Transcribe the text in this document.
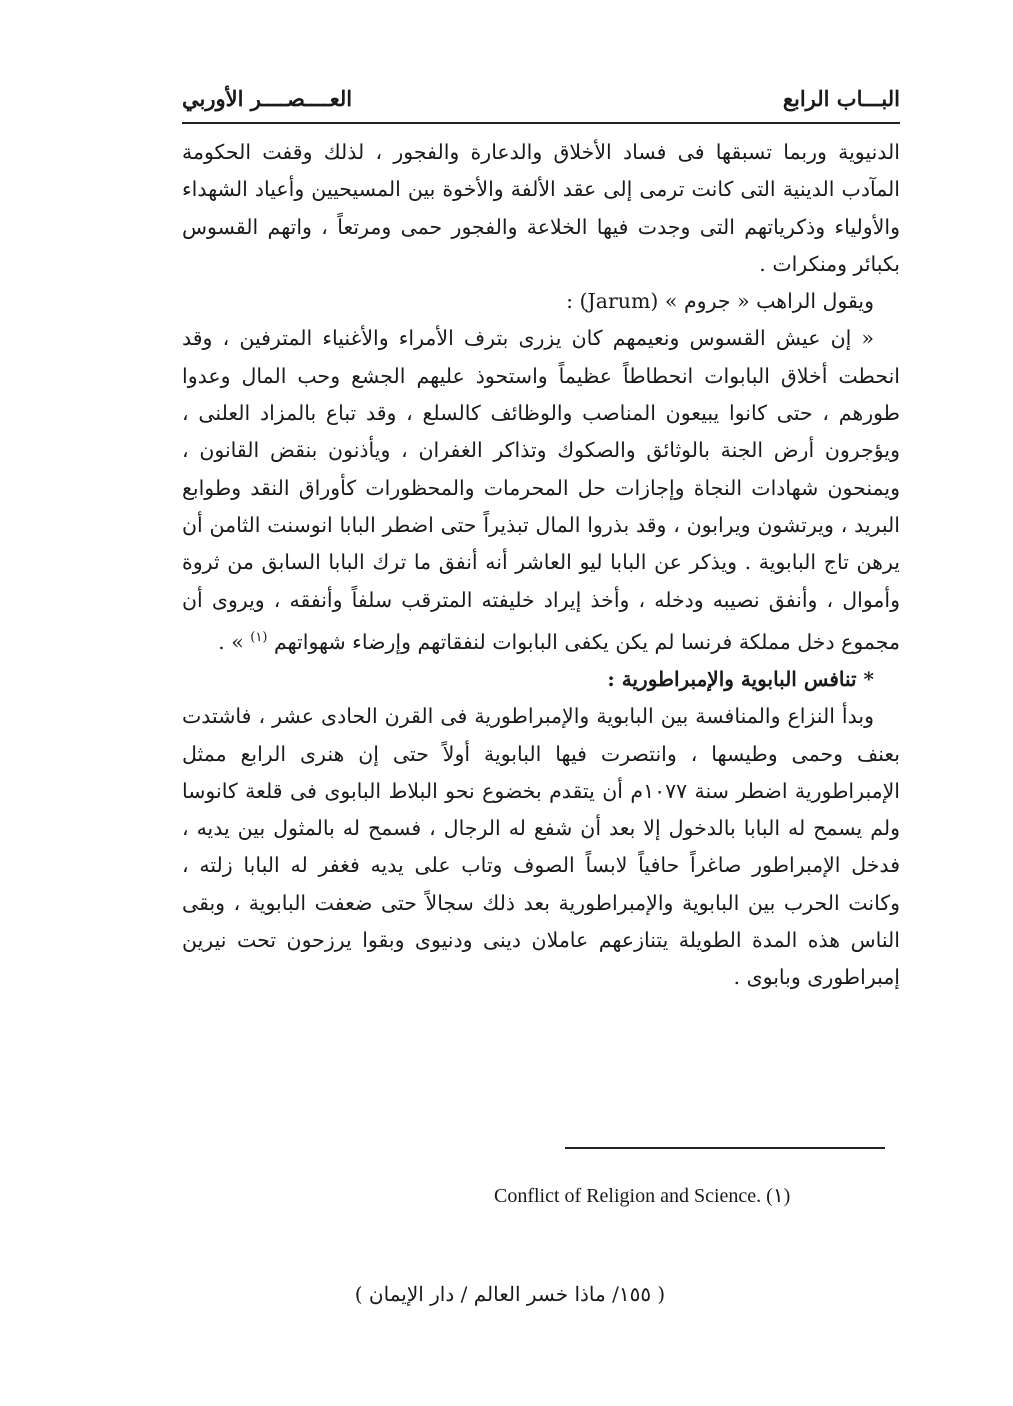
العــــصــــر الأوربي	البـــاب الرابع

الدنيوية وربما تسبقها فى فساد الأخلاق والدعارة والفجور ، لذلك وقفت الحكومة المآدب الدينية التى كانت ترمى إلى عقد الألفة والأخوة بين المسيحيين وأعياد الشهداء والأولياء وذكرياتهم التى وجدت فيها الخلاعة والفجور حمى ومرتعاً ، واتهم القسوس بكبائر ومنكرات .

ويقول الراهب « جروم » (Jarum) :

« إن عيش القسوس ونعيمهم كان يزرى بترف الأمراء والأغنياء المترفين ، وقد انحطت أخلاق البابوات انحطاطاً عظيماً واستحوذ عليهم الجشع وحب المال وعدوا طورهم ، حتى كانوا يبيعون المناصب والوظائف كالسلع ، وقد تباع بالمزاد العلنى ، ويؤجرون أرض الجنة بالوثائق والصكوك وتذاكر الغفران ، ويأذنون بنقض القانون ، ويمنحون شهادات النجاة وإجازات حل المحرمات والمحظورات كأوراق النقد وطوابع البريد ، ويرتشون ويرابون ، وقد بذروا المال تبذيراً حتى اضطر البابا انوسنت الثامن أن يرهن تاج البابوية . ويذكر عن البابا ليو العاشر أنه أنفق ما ترك البابا السابق من ثروة وأموال ، وأنفق نصيبه ودخله ، وأخذ إيراد خليفته المترقب سلفاً وأنفقه ، ويروى أن مجموع دخل مملكة فرنسا لم يكن يكفى البابوات لنفقاتهم وإرضاء شهواتهم $^{(١)}$ » .

* تنافس البابوية والإمبراطورية :

وبدأ النزاع والمنافسة بين البابوية والإمبراطورية فى القرن الحادى عشر ، فاشتدت بعنف وحمى وطيسها ، وانتصرت فيها البابوية أولاً حتى إن هنرى الرابع ممثل الإمبراطورية اضطر سنة ١٠٧٧م أن يتقدم بخضوع نحو البلاط البابوى فى قلعة كانوسا ولم يسمح له البابا بالدخول إلا بعد أن شفع له الرجال ، فسمح له بالمثول بين يديه ، فدخل الإمبراطور صاغراً حافياً لابساً الصوف وتاب على يديه فغفر له البابا زلته ، وكانت الحرب بين البابوية والإمبراطورية بعد ذلك سجالاً حتى ضعفت البابوية ، وبقى الناس هذه المدة الطويلة يتنازعهم عاملان دينى ودنيوى وبقوا يرزحون تحت نيرين إمبراطورى وبابوى .

Conflict of Religion and Science. (١)
( ١٥٥/ ماذا خسر العالم / دار الإيمان )
